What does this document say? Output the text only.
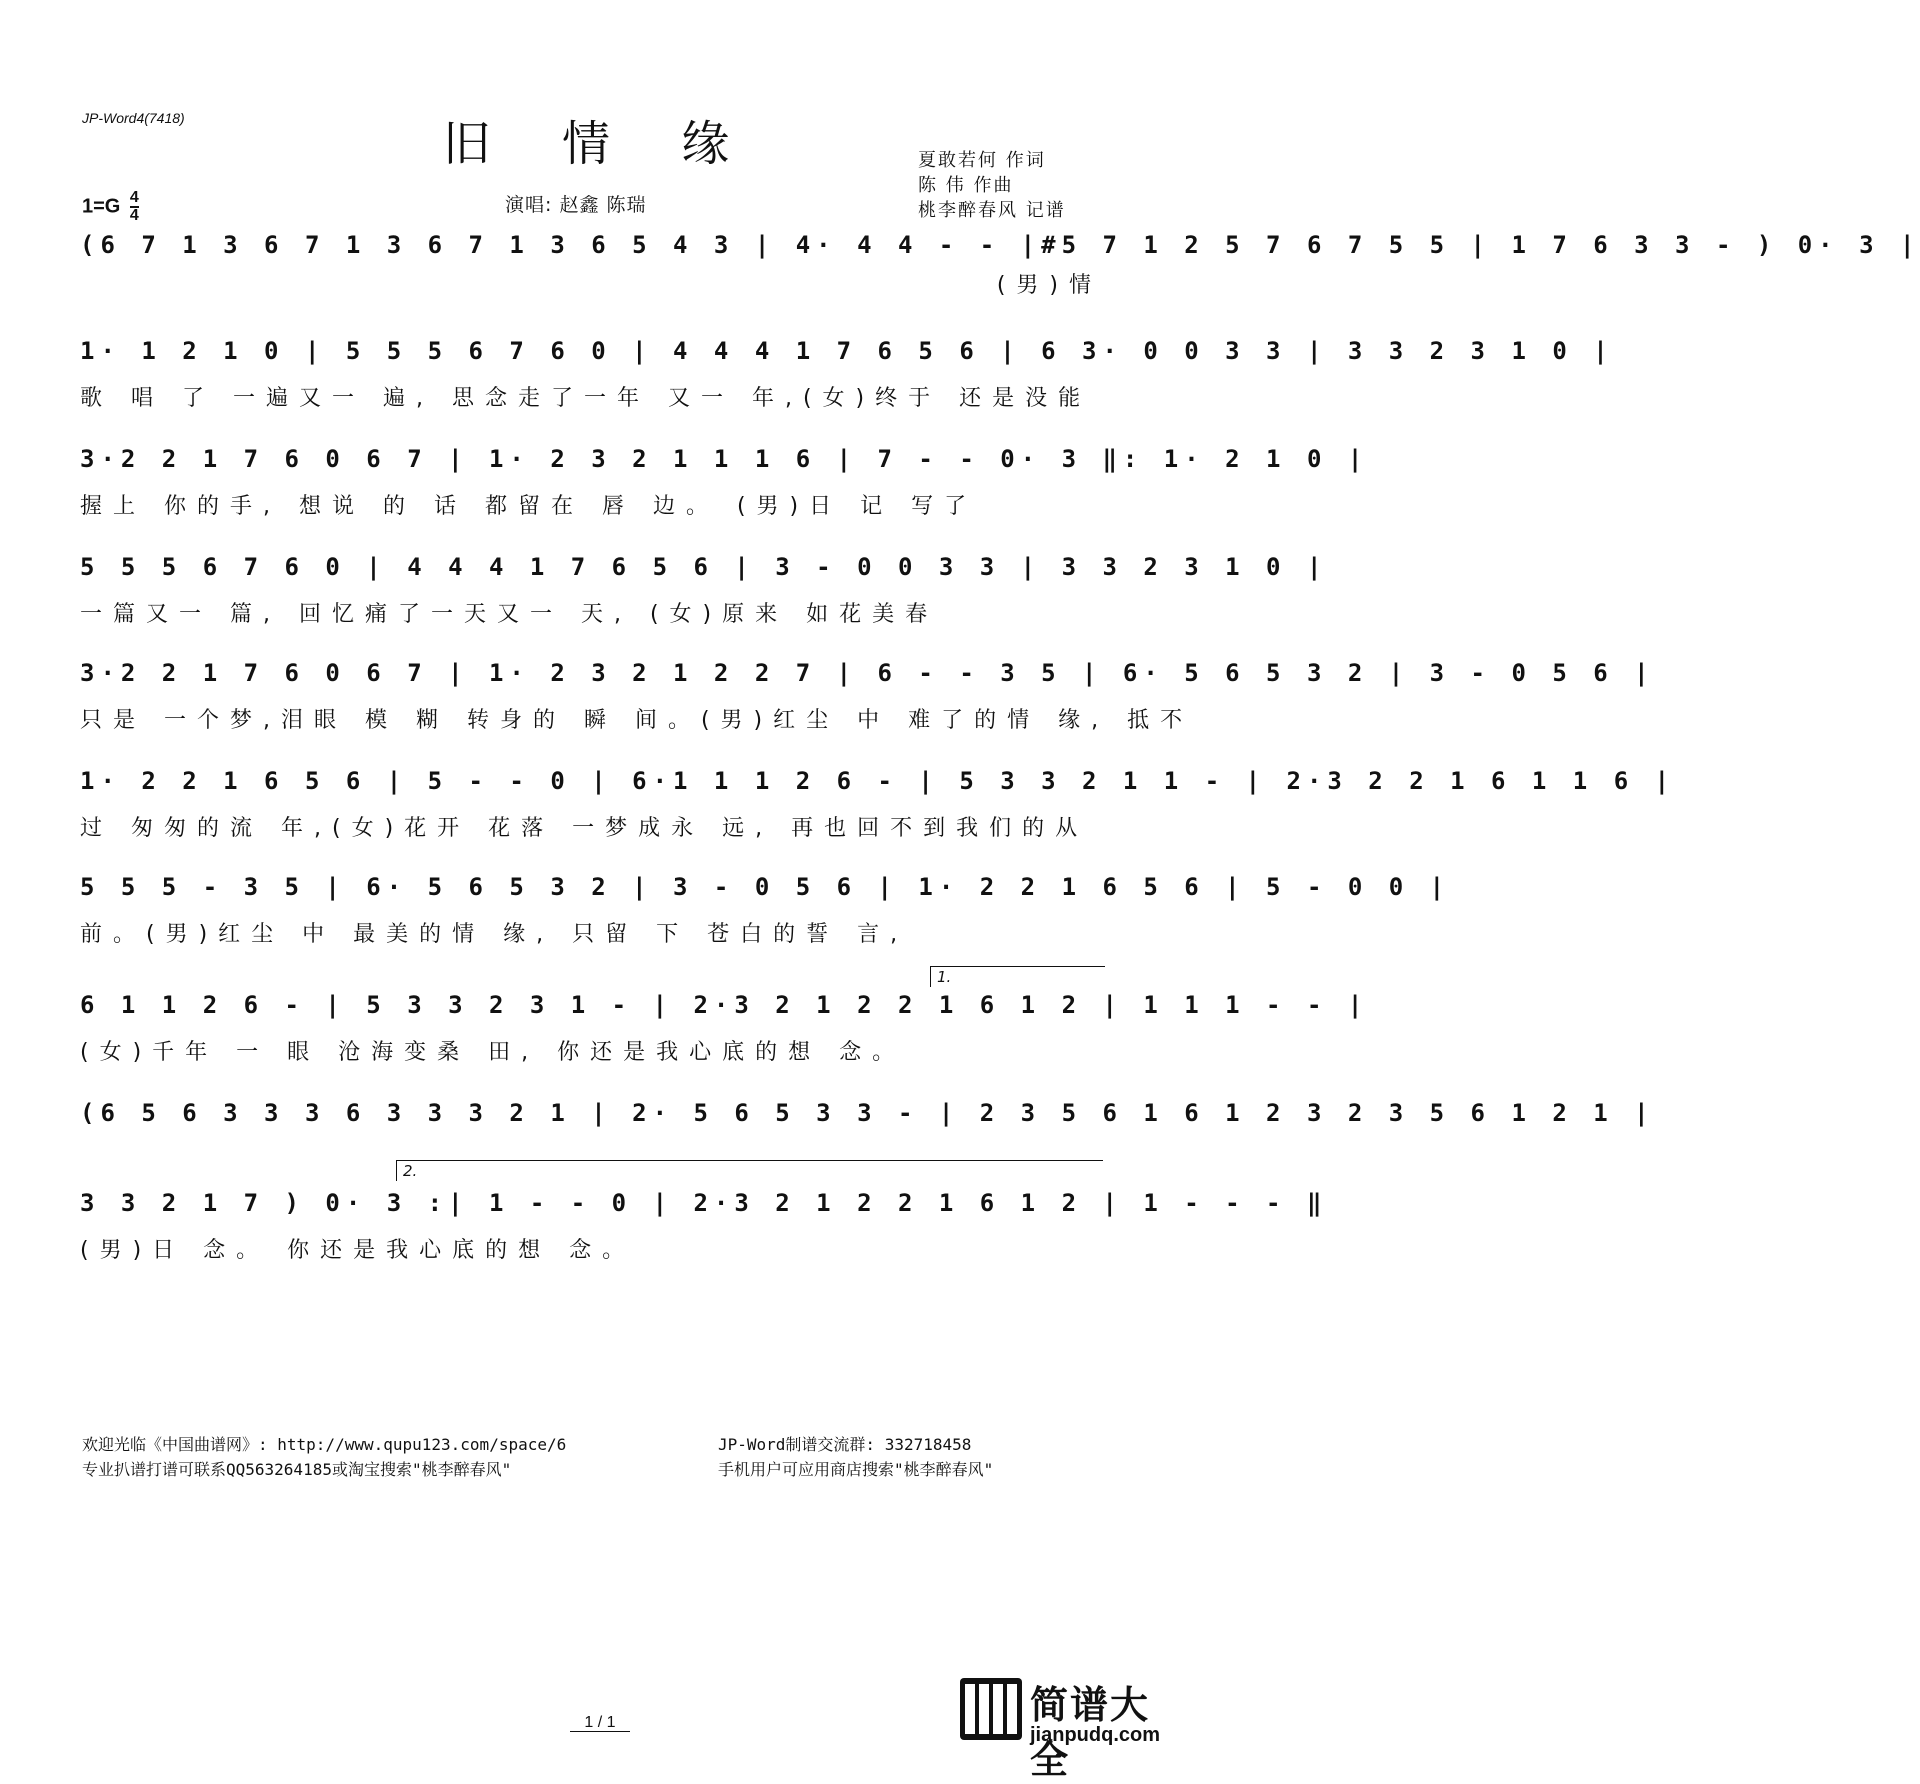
JP-Word4(7418)	旧 情 缘
$1=G \frac{4}{4}$	演唱: 赵鑫 陈瑞
夏敢若何 作词
陈 伟 作曲
桃李醉春风 记谱
(6 7 1 3 6 7 1 3 6 7 1 3 6 5 4 3 | 4· 4 4 - - |#5 7 1 2 5 7 6 7 5 5 | 1 7 6 3 3 - ) 0· 3 |
(男)情
1· 1 2 1 0 | 5 5 5 6 7 6 0 | 4 4 4 1 7 6 5 6 | 6 3· 0 0 3 3 | 3 3 2 3 1 0 |
歌 唱 了 一遍又一 遍, 思念走了一年 又一 年,(女)终于 还是没能
3·2 2 1 7 6 0 6 7 | 1· 2 3 2 1 1 1 6 | 7 - - 0· 3 ‖: 1· 2 1 0 |
握上 你的手, 想说 的 话 都留在 唇 边。 (男)日 记 写了
5 5 5 6 7 6 0 | 4 4 4 1 7 6 5 6 | 3 - 0 0 3 3 | 3 3 2 3 1 0 |
一篇又一 篇, 回忆痛了一天又一 天, (女)原来 如花美春
3·2 2 1 7 6 0 6 7 | 1· 2 3 2 1 2 2 7 | 6 - - 3 5 | 6· 5 6 5 3 2 | 3 - 0 5 6 |
只是 一个梦,泪眼 模 糊 转身的 瞬 间。(男)红尘 中 难了的情 缘, 抵不
1· 2 2 1 6 5 6 | 5 - - 0 | 6·1 1 1 2 6 - | 5 3 3 2 1 1 - | 2·3 2 2 1 6 1 1 6 |
过 匆匆的流 年,(女)花开 花落 一梦成永 远, 再也回不到我们的从
5 5 5 - 3 5 | 6· 5 6 5 3 2 | 3 - 0 5 6 | 1· 2 2 1 6 5 6 | 5 - 0 0 |
前。(男)红尘 中 最美的情 缘, 只留 下 苍白的誓 言,
1.
6 1 1 2 6 - | 5 3 3 2 3 1 - | 2·3 2 1 2 2 1 6 1 2 | 1 1 1 - - |
(女)千年 一 眼 沧海变桑 田, 你还是我心底的想 念。
(6 5 6 3 3 3 6 3 3 3 2 1 | 2· 5 6 5 3 3 - | 2 3 5 6 1 6 1 2 3 2 3 5 6 1 2 1 |
2.
3 3 2 1 7 ) 0· 3 :| 1 - - 0 | 2·3 2 1 2 2 1 6 1 2 | 1 - - - ‖
(男)日 念。 你还是我心底的想 念。
欢迎光临《中国曲谱网》: http://www.qupu123.com/space/6
专业扒谱打谱可联系QQ563264185或淘宝搜索"桃李醉春风"
JP-Word制谱交流群: 332718458
手机用户可应用商店搜索"桃李醉春风"
1 / 1	简谱大全
jianpudq.com
